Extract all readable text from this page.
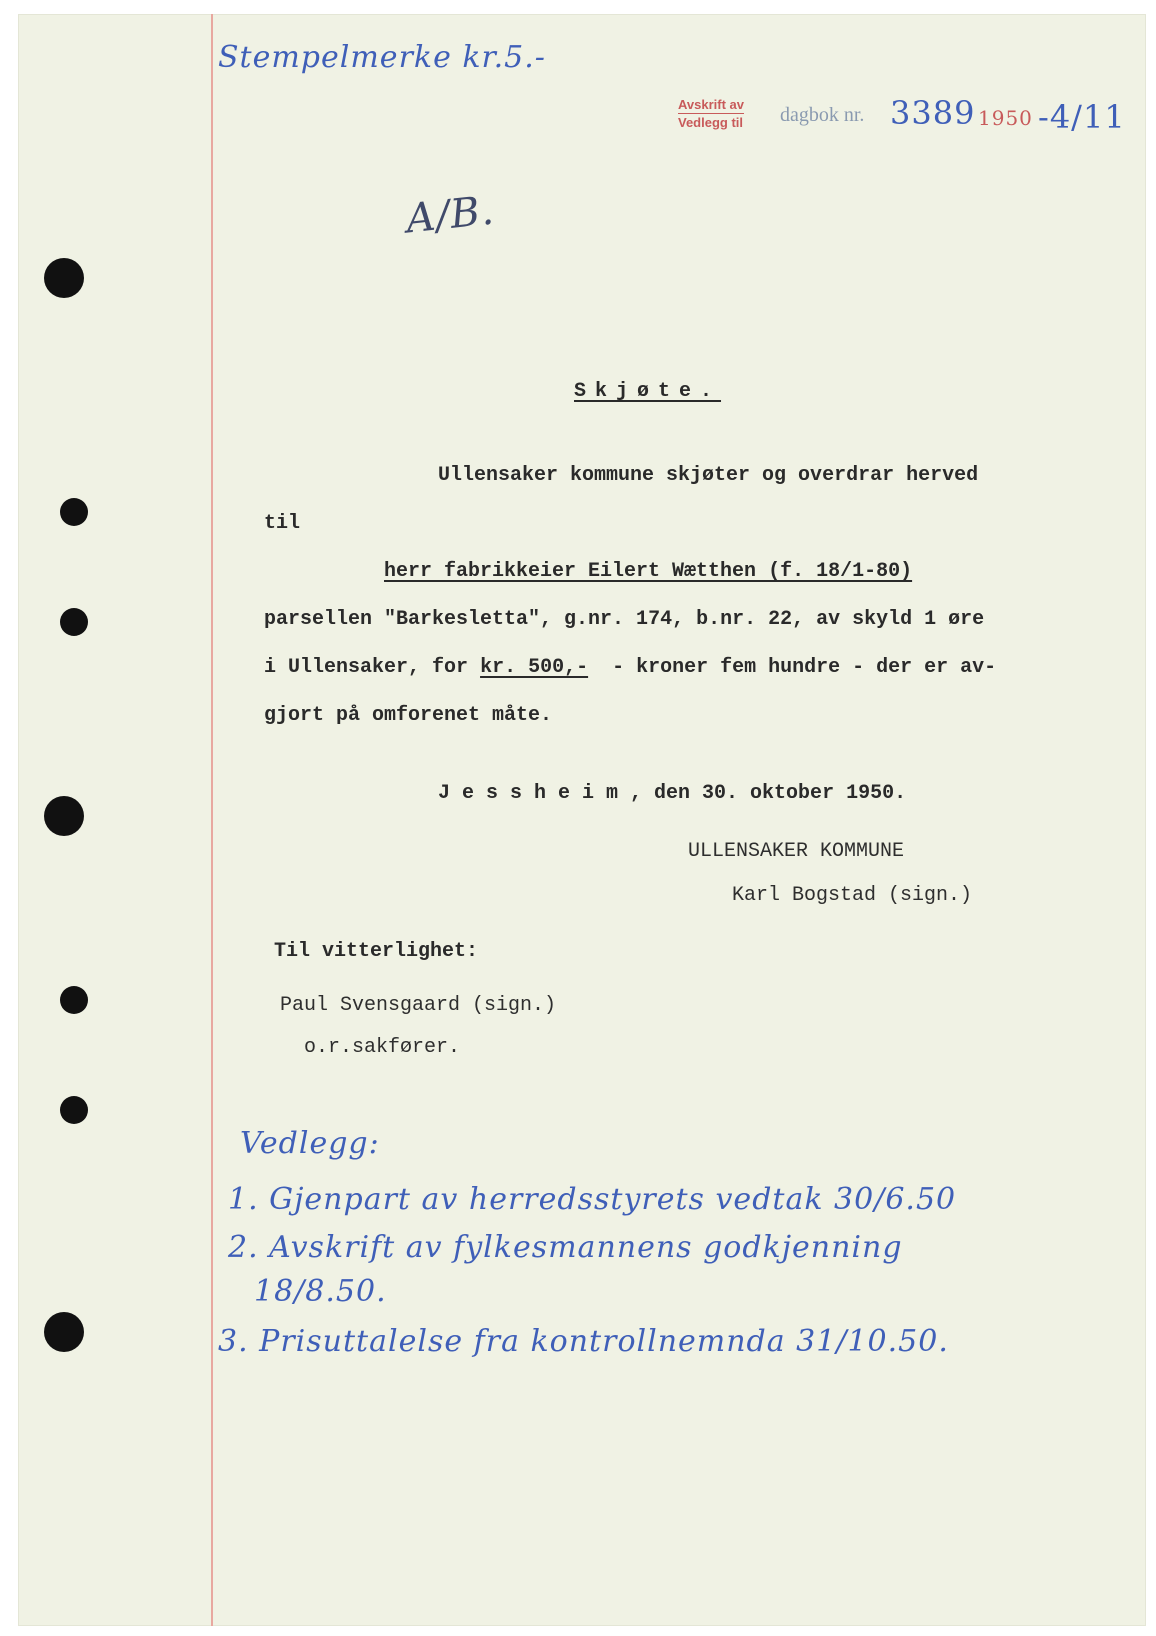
Stempelmerke kr.5.-
Avskrift av
Vedlegg til dagbok nr. 3389 1950 -4/11
A/B.
Skjøte.
Ullensaker kommune skjøter og overdrar herved
til
herr fabrikkeier Eilert Wætthen (f. 18/1-80)
parsellen "Barkesletta", g.nr. 174, b.nr. 22, av skyld 1 øre
i Ullensaker, for kr. 500,-  - kroner fem hundre - der er av-
gjort på omforenet måte.
J e s s h e i m , den 30. oktober 1950.
ULLENSAKER KOMMUNE
Karl Bogstad (sign.)
Til vitterlighet:
Paul Svensgaard (sign.)
o.r.sakfører.
Vedlegg:
1. Gjenpart av herredsstyrets vedtak 30/6.50
2. Avskrift av fylkesmannens godkjenning
18/8.50.
3. Prisuttalelse fra kontrollnemnda 31/10.50.
